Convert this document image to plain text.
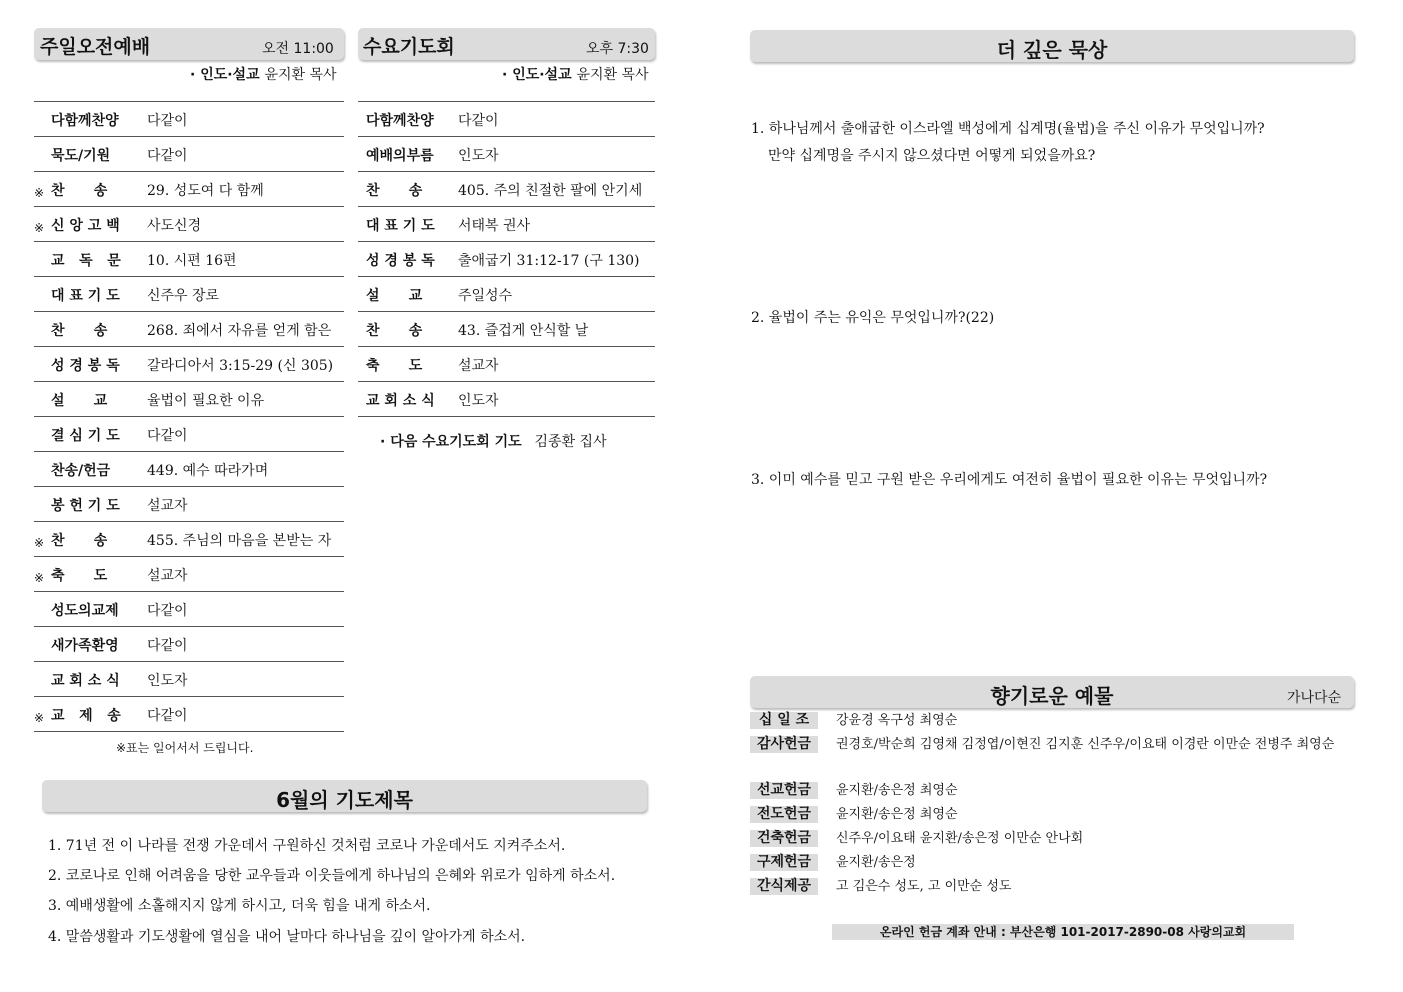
주일오전예배	오전 11:00
· 인도·설교 윤지환 목사
다함께찬양 다같이
묵도/기원	다같이
※ 찬      송	29. 성도여 다 함께
※ 신 앙 고 백 사도신경
교   독   문 10. 시편 16편
대 표 기 도 신주우 장로
찬      송	268. 죄에서 자유를 얻게 함은
성 경 봉 독 갈라디아서 3:15-29 (신 305)
설      교	율법이 필요한 이유
결 심 기 도 다같이
찬송/헌금	449. 예수 따라가며
봉 헌 기 도 설교자
※ 찬      송	455. 주님의 마음을 본받는 자
※ 축      도	설교자
성도의교제 다같이
새가족환영 다같이
교 회 소 식 인도자
※ 교   제   송 다같이
※표는 일어서서 드립니다.
수요기도회	오후 7:30
· 인도·설교 윤지환 목사
다함께찬양 다같이
예배의부름 인도자
찬      송	405. 주의 친절한 팔에 안기세
대 표 기 도 서태복 권사
성 경 봉 독 출애굽기 31:12-17 (구 130)
설      교	주일성수
찬      송	43. 즐겁게 안식할 날
축      도	설교자
교 회 소 식 인도자
· 다음 수요기도회 기도 김종환 집사
6월의 기도제목
1. 71년 전 이 나라를 전쟁 가운데서 구원하신 것처럼 코로나 가운데서도 지켜주소서.
2. 코로나로 인해 어려움을 당한 교우들과 이웃들에게 하나님의 은혜와 위로가 임하게 하소서.
3. 예배생활에 소홀해지지 않게 하시고, 더욱 힘을 내게 하소서.
4. 말씀생활과 기도생활에 열심을 내어 날마다 하나님을 깊이 알아가게 하소서.
더 깊은 묵상
1. 하나님께서 출애굽한 이스라엘 백성에게 십계명(율법)을 주신 이유가 무엇입니까?
만약 십계명을 주시지 않으셨다면 어떻게 되었을까요?
2. 율법이 주는 유익은 무엇입니까?(22)
3. 이미 예수를 믿고 구원 받은 우리에게도 여전히 율법이 필요한 이유는 무엇입니까?
향기로운 예물	가나다순
십 일 조	강윤경 옥구성 최영순
감사헌금	권경호/박순희 김영채 김정엽/이현진 김지훈 신주우/이요태 이경란 이만순 전병주 최영순
선교헌금	윤지환/송은정 최영순
전도헌금	윤지환/송은정 최영순
건축헌금	신주우/이요태 윤지환/송은정 이만순 안나회
구제헌금	윤지환/송은정
간식제공	고 김은수 성도, 고 이만순 성도
온라인 헌금 계좌 안내 : 부산은행 101-2017-2890-08 사랑의교회
